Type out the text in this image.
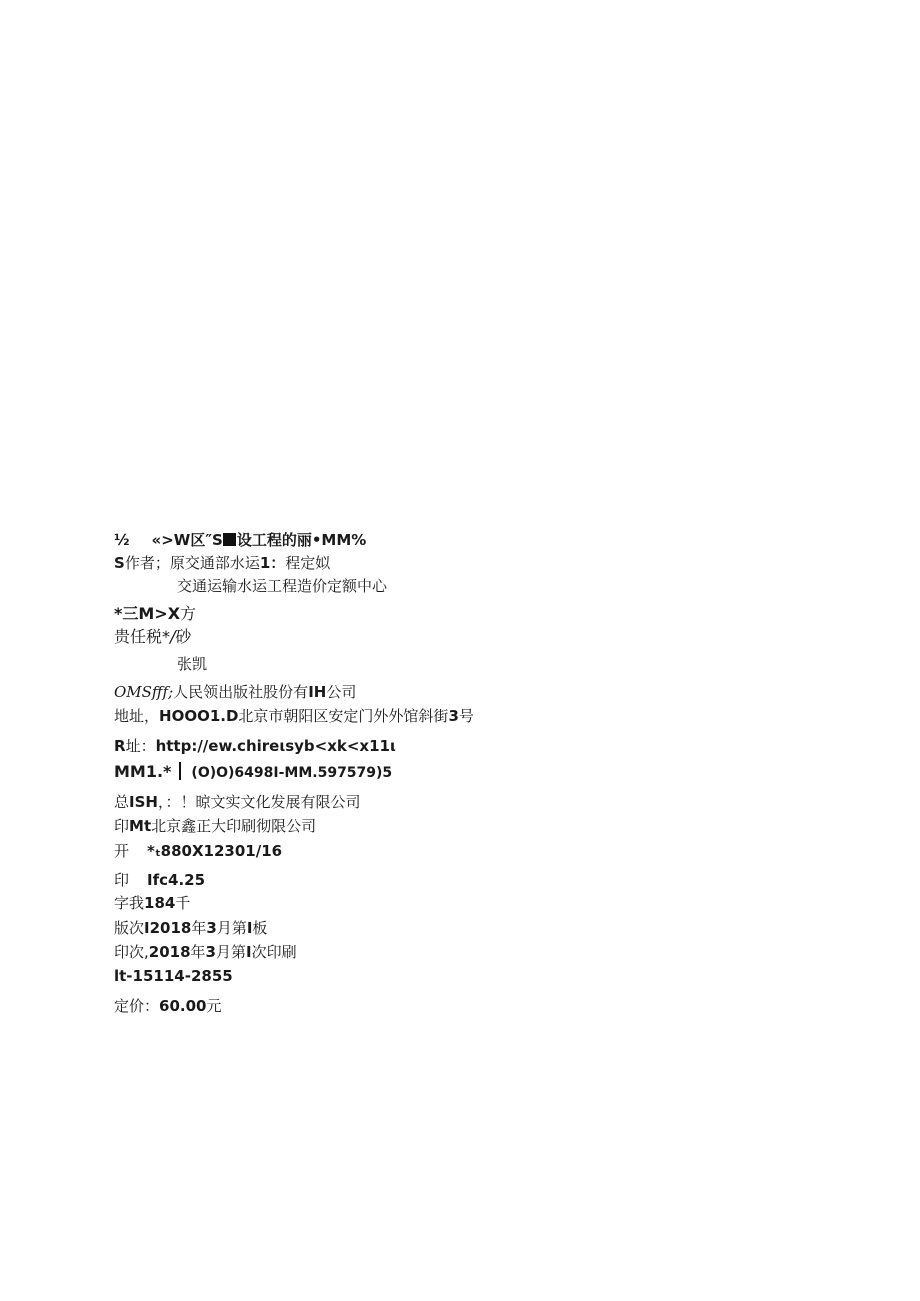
½ «>W区″S 设工程的丽•MM%
S作者；原交通部水运1：程定姒
交通运输水运工程造价定额中心
*三M>X方
贵任税*/砂
张凯
OMSfff;人民领出版社股份有IH公司
地址，HOOO1.D北京市朝阳区安定门外外馆斜街3号
R址：http://ew.chireιsyb<xk<x11ι
MM1.* (O)O)6498I-MM.597579)5
总ISH，：！晾文实文化发展有限公司
印Mt北京鑫正大印刷彻限公司
开 *ₜ880X12301/16
印 Ifc4.25
字我184千
版次I2018年3月第I板
印次,2018年3月第I次印刷
lt-15114-2855
定价：60.00元
